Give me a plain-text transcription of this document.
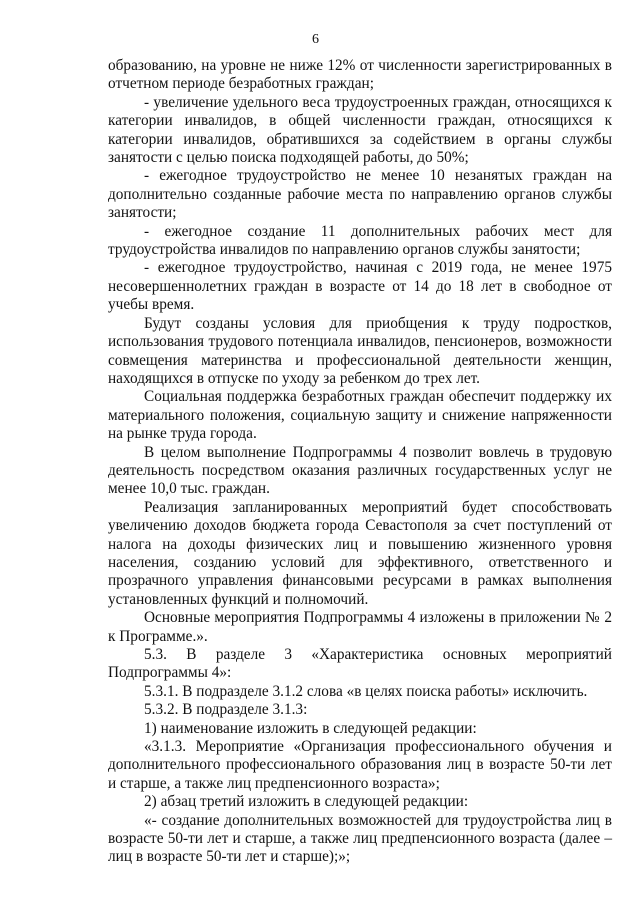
6

образованию, на уровне не ниже 12% от численности зарегистрированных в отчетном периоде безработных граждан;

- увеличение удельного веса трудоустроенных граждан, относящихся к категории инвалидов, в общей численности граждан, относящихся к категории инвалидов, обратившихся за содействием в органы службы занятости с целью поиска подходящей работы, до 50%;

- ежегодное трудоустройство не менее 10 незанятых граждан на дополнительно созданные рабочие места по направлению органов службы занятости;

- ежегодное создание 11 дополнительных рабочих мест для трудоустройства инвалидов по направлению органов службы занятости;

- ежегодное трудоустройство, начиная с 2019 года, не менее 1975 несовершеннолетних граждан в возрасте от 14 до 18 лет в свободное от учебы время.

Будут созданы условия для приобщения к труду подростков, использования трудового потенциала инвалидов, пенсионеров, возможности совмещения материнства и профессиональной деятельности женщин, находящихся в отпуске по уходу за ребенком до трех лет.

Социальная поддержка безработных граждан обеспечит поддержку их материального положения, социальную защиту и снижение напряженности на рынке труда города.

В целом выполнение Подпрограммы 4 позволит вовлечь в трудовую деятельность посредством оказания различных государственных услуг не менее 10,0 тыс. граждан.

Реализация запланированных мероприятий будет способствовать увеличению доходов бюджета города Севастополя за счет поступлений от налога на доходы физических лиц и повышению жизненного уровня населения, созданию условий для эффективного, ответственного и прозрачного управления финансовыми ресурсами в рамках выполнения установленных функций и полномочий.

Основные мероприятия Подпрограммы 4 изложены в приложении № 2 к Программе.».

5.3. В разделе 3 «Характеристика основных мероприятий Подпрограммы 4»:

5.3.1. В подразделе 3.1.2 слова «в целях поиска работы» исключить.

5.3.2. В подразделе 3.1.3:

1) наименование изложить в следующей редакции:

«3.1.3. Мероприятие «Организация профессионального обучения и дополнительного профессионального образования лиц в возрасте 50-ти лет и старше, а также лиц предпенсионного возраста»;

2) абзац третий изложить в следующей редакции:

«- создание дополнительных возможностей для трудоустройства лиц в возрасте 50-ти лет и старше, а также лиц предпенсионного возраста (далее – лиц в возрасте 50-ти лет и старше);»;
